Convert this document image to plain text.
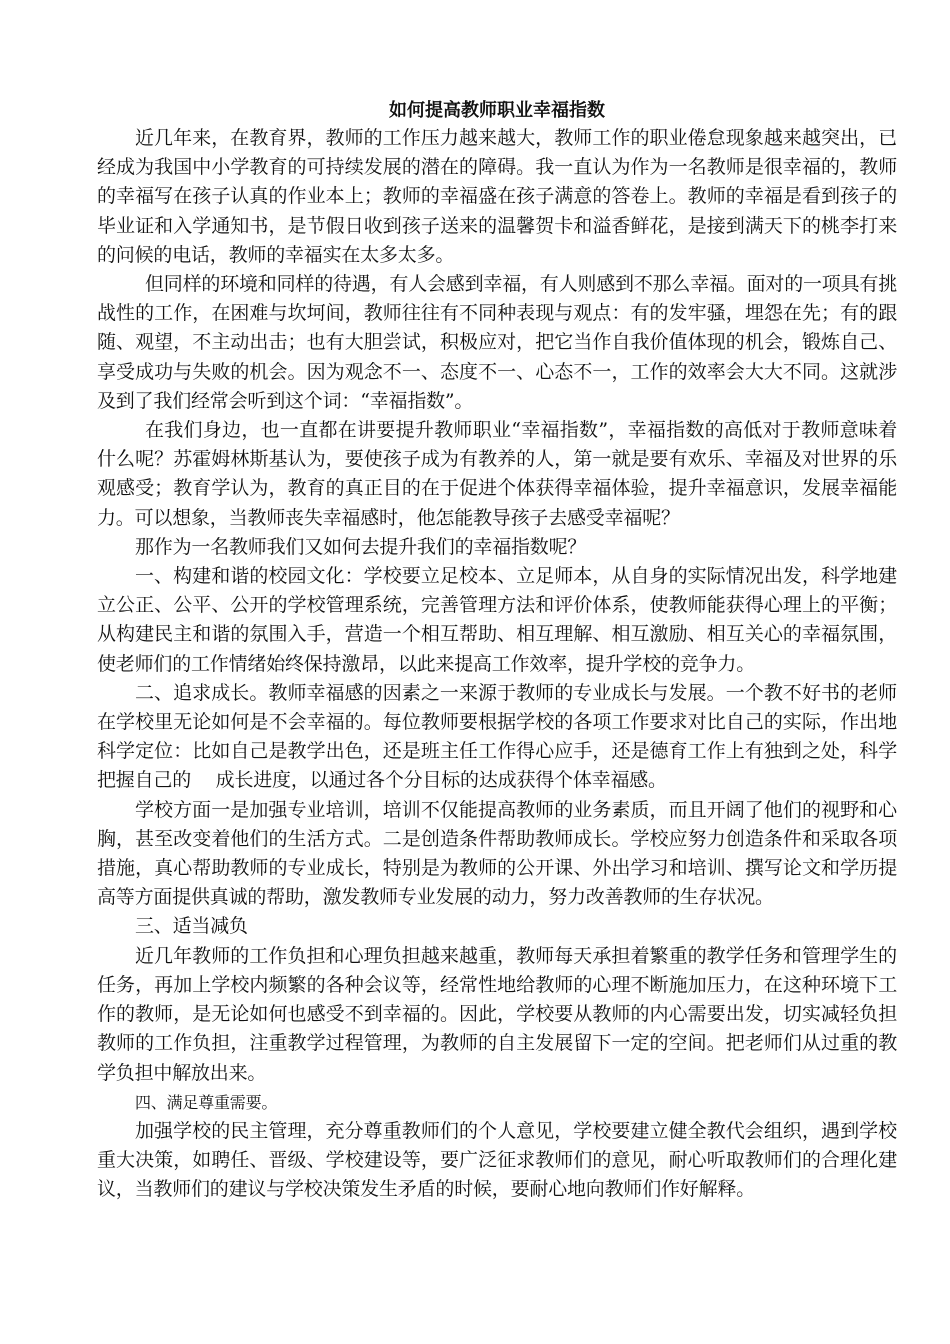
如何提高教师职业幸福指数

近几年来，在教育界，教师的工作压力越来越大，教师工作的职业倦怠现象越来越突出，已经成为我国中小学教育的可持续发展的潜在的障碍。我一直认为作为一名教师是很幸福的，教师的幸福写在孩子认真的作业本上；教师的幸福盛在孩子满意的答卷上。教师的幸福是看到孩子的毕业证和入学通知书，是节假日收到孩子送来的温馨贺卡和溢香鲜花，是接到满天下的桃李打来的问候的电话，教师的幸福实在太多太多。

但同样的环境和同样的待遇，有人会感到幸福，有人则感到不那么幸福。面对的一项具有挑战性的工作，在困难与坎坷间，教师往往有不同种表现与观点：有的发牢骚，埋怨在先；有的跟随、观望，不主动出击；也有大胆尝试，积极应对，把它当作自我价值体现的机会，锻炼自己、享受成功与失败的机会。因为观念不一、态度不一、心态不一，工作的效率会大大不同。这就涉及到了我们经常会听到这个词：“幸福指数”。

在我们身边，也一直都在讲要提升教师职业“幸福指数”，幸福指数的高低对于教师意味着什么呢？苏霍姆林斯基认为，要使孩子成为有教养的人，第一就是要有欢乐、幸福及对世界的乐观感受；教育学认为，教育的真正目的在于促进个体获得幸福体验，提升幸福意识，发展幸福能力。可以想象，当教师丧失幸福感时，他怎能教导孩子去感受幸福呢？

那作为一名教师我们又如何去提升我们的幸福指数呢？

一、构建和谐的校园文化：学校要立足校本、立足师本，从自身的实际情况出发，科学地建立公正、公平、公开的学校管理系统，完善管理方法和评价体系，使教师能获得心理上的平衡；从构建民主和谐的氛围入手，营造一个相互帮助、相互理解、相互激励、相互关心的幸福氛围，使老师们的工作情绪始终保持激昂，以此来提高工作效率，提升学校的竞争力。

二、追求成长。教师幸福感的因素之一来源于教师的专业成长与发展。一个教不好书的老师在学校里无论如何是不会幸福的。每位教师要根据学校的各项工作要求对比自己的实际，作出地科学定位：比如自己是教学出色，还是班主任工作得心应手，还是德育工作上有独到之处，科学把握自己的　 成长进度，以通过各个分目标的达成获得个体幸福感。

学校方面一是加强专业培训，培训不仅能提高教师的业务素质，而且开阔了他们的视野和心胸，甚至改变着他们的生活方式。二是创造条件帮助教师成长。学校应努力创造条件和采取各项措施，真心帮助教师的专业成长，特别是为教师的公开课、外出学习和培训、撰写论文和学历提高等方面提供真诚的帮助，激发教师专业发展的动力，努力改善教师的生存状况。

三、适当减负

近几年教师的工作负担和心理负担越来越重，教师每天承担着繁重的教学任务和管理学生的任务，再加上学校内频繁的各种会议等，经常性地给教师的心理不断施加压力，在这种环境下工作的教师，是无论如何也感受不到幸福的。因此，学校要从教师的内心需要出发，切实减轻负担教师的工作负担，注重教学过程管理，为教师的自主发展留下一定的空间。把老师们从过重的教学负担中解放出来。

四、满足尊重需要。

加强学校的民主管理，充分尊重教师们的个人意见，学校要建立健全教代会组织，遇到学校重大决策，如聘任、晋级、学校建设等，要广泛征求教师们的意见，耐心听取教师们的合理化建议，当教师们的建议与学校决策发生矛盾的时候，要耐心地向教师们作好解释。
